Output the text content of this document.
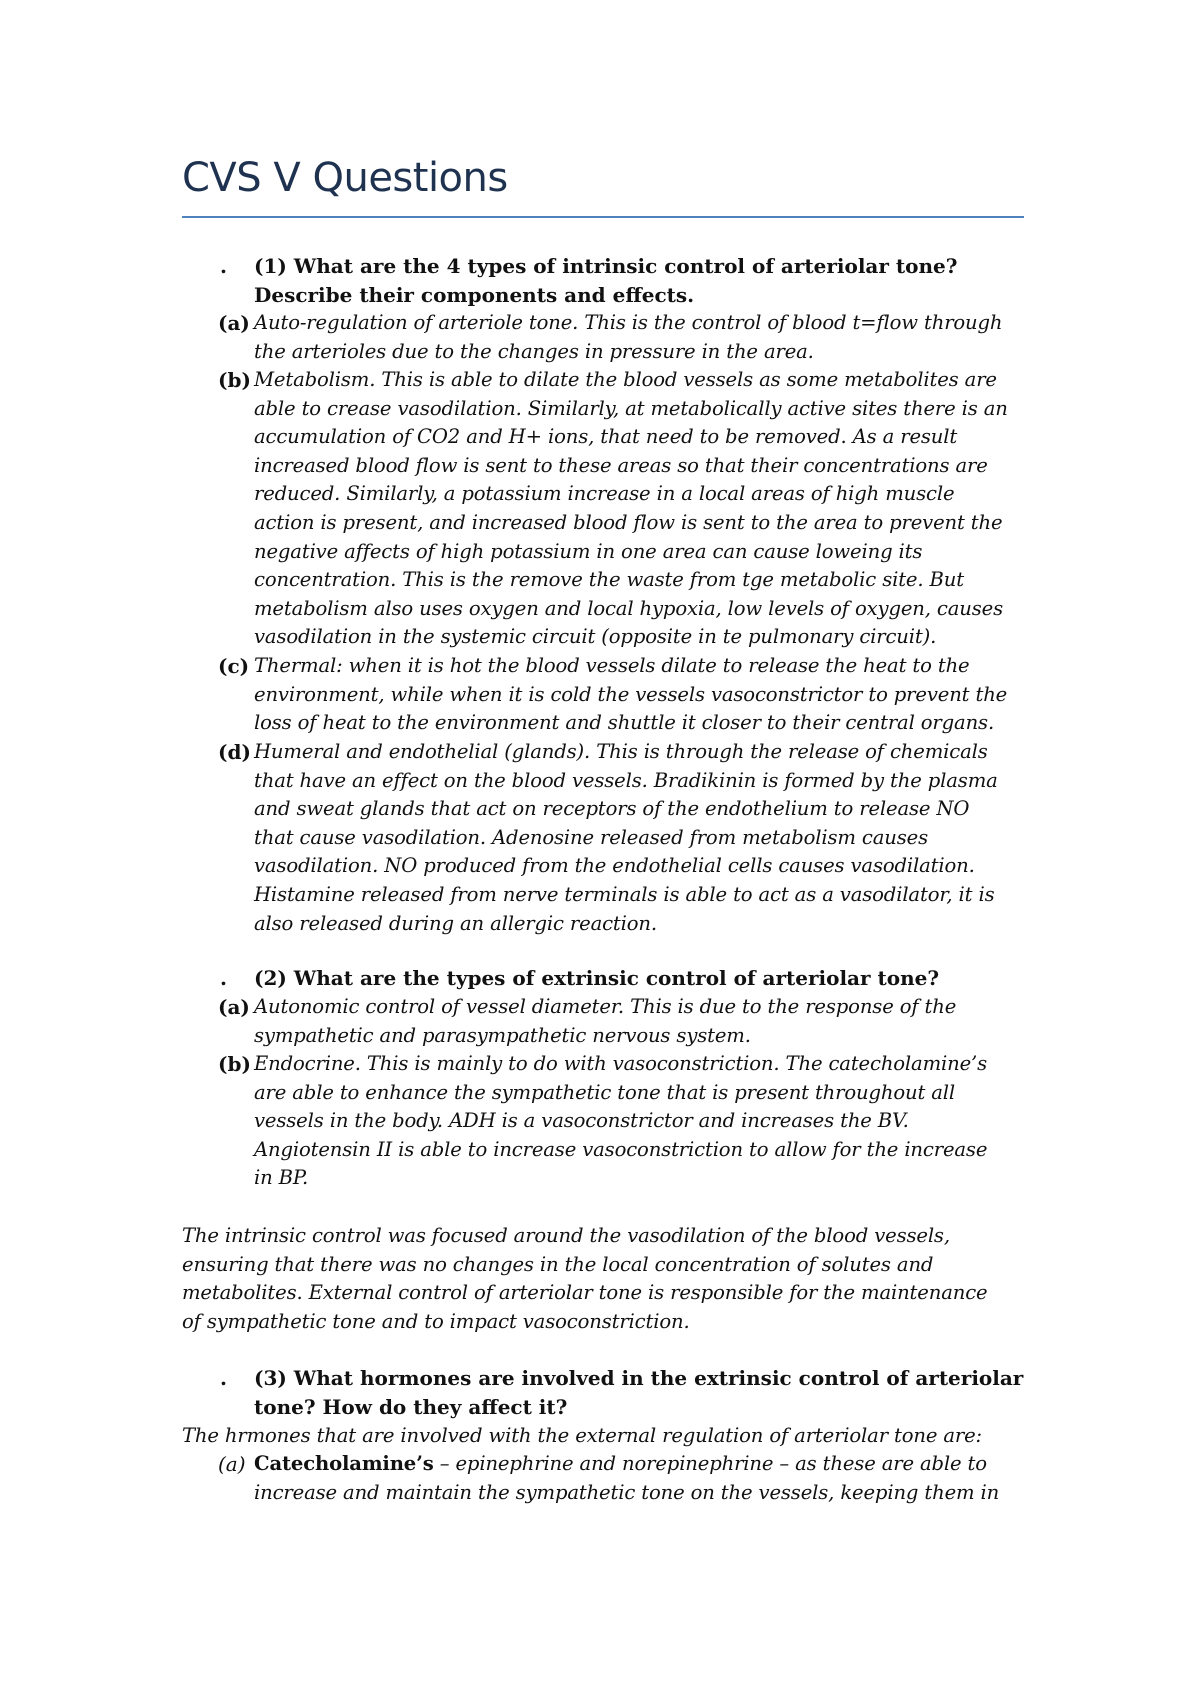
CVS V Questions
.	(1) What are the 4 types of intrinsic control of arteriolar tone?
Describe their components and effects.
(a) Auto-regulation of arteriole tone. This is the control of blood t=flow through
the arterioles due to the changes in pressure in the area.
(b) Metabolism. This is able to dilate the blood vessels as some metabolites are
able to crease vasodilation. Similarly, at metabolically active sites there is an
accumulation of CO2 and H+ ions, that need to be removed. As a result
increased blood flow is sent to these areas so that their concentrations are
reduced. Similarly, a potassium increase in a local areas of high muscle
action is present, and increased blood flow is sent to the area to prevent the
negative affects of high potassium in one area can cause loweing its
concentration. This is the remove the waste from tge metabolic site. But
metabolism also uses oxygen and local hypoxia, low levels of oxygen, causes
vasodilation in the systemic circuit (opposite in te pulmonary circuit).
(c) Thermal: when it is hot the blood vessels dilate to release the heat to the
environment, while when it is cold the vessels vasoconstrictor to prevent the
loss of heat to the environment and shuttle it closer to their central organs.
(d) Humeral and endothelial (glands). This is through the release of chemicals
that have an effect on the blood vessels. Bradikinin is formed by the plasma
and sweat glands that act on receptors of the endothelium to release NO
that cause vasodilation. Adenosine released from metabolism causes
vasodilation. NO produced from the endothelial cells causes vasodilation.
Histamine released from nerve terminals is able to act as a vasodilator, it is
also released during an allergic reaction.
.	(2) What are the types of extrinsic control of arteriolar tone?
(a) Autonomic control of vessel diameter. This is due to the response of the
sympathetic and parasympathetic nervous system.
(b) Endocrine. This is mainly to do with vasoconstriction. The catecholamine’s
are able to enhance the sympathetic tone that is present throughout all
vessels in the body. ADH is a vasoconstrictor and increases the BV.
Angiotensin II is able to increase vasoconstriction to allow for the increase
in BP.
The intrinsic control was focused around the vasodilation of the blood vessels,
ensuring that there was no changes in the local concentration of solutes and
metabolites. External control of arteriolar tone is responsible for the maintenance
of sympathetic tone and to impact vasoconstriction.
.	(3) What hormones are involved in the extrinsic control of arteriolar
tone? How do they affect it?
The hrmones that are involved with the external regulation of arteriolar tone are:
(a) Catecholamine’s – epinephrine and norepinephrine – as these are able to
increase and maintain the sympathetic tone on the vessels, keeping them in
